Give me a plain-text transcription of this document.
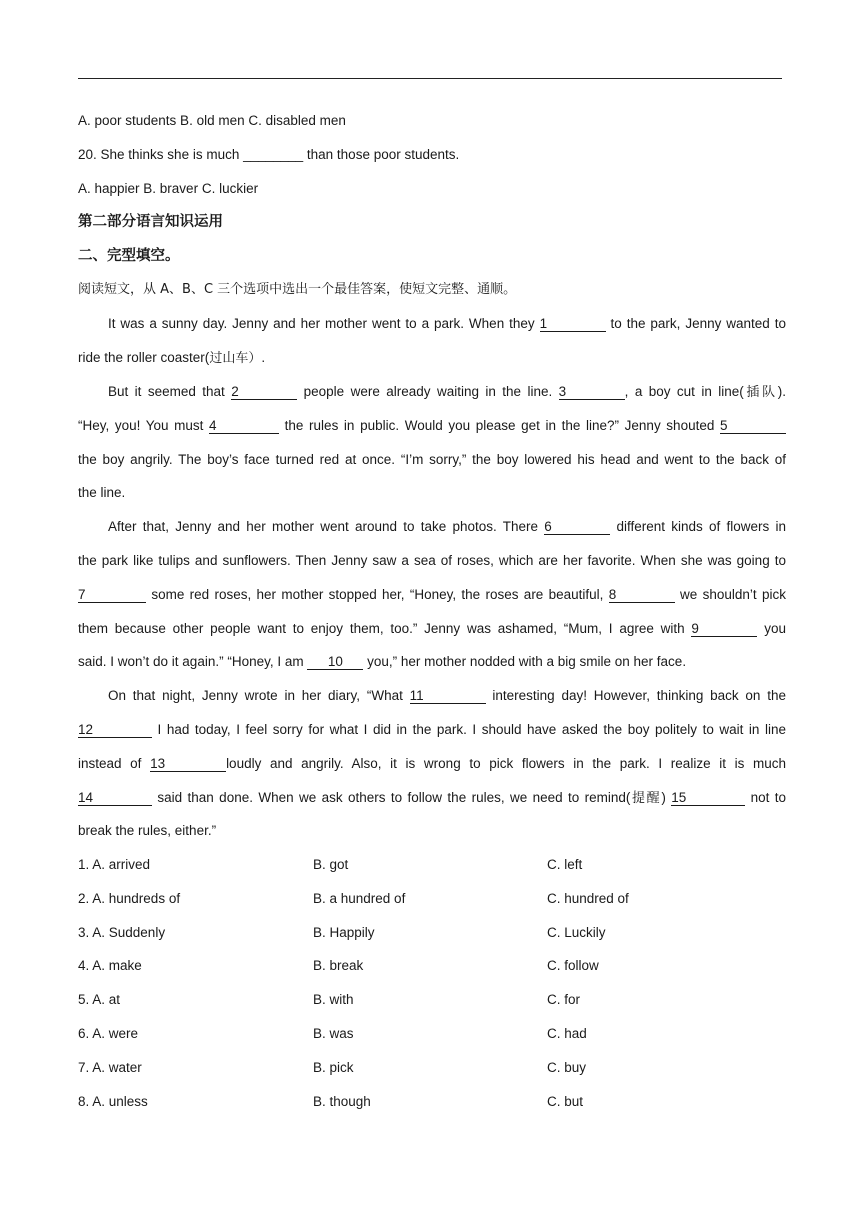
A. poor students B. old men C. disabled men
20. She thinks she is much ________ than those poor students.
A. happier B. braver C. luckier
第二部分语言知识运用
二、完型填空。
阅读短文，从 A、B、C 三个选项中选出一个最佳答案，使短文完整、通顺。
It was a sunny day. Jenny and her mother went to a park. When they 1	to the park, Jenny wanted to
ride the roller coaster(过山车）.
But it seemed that 2	people were already waiting in the line. 3	, a boy cut in line(插队).
“Hey, you! You must 4	the rules in public. Would you please get in the line?” Jenny shouted 5
the boy angrily. The boy’s face turned red at once. “I’m sorry,” the boy lowered his head and went to the back of
the line.
After that, Jenny and her mother went around to take photos. There 6	different kinds of flowers in
the park like tulips and sunflowers. Then Jenny saw a sea of roses, which are her favorite. When she was going to
7	some red roses, her mother stopped her, “Honey, the roses are beautiful, 8	we shouldn’t pick
them because other people want to enjoy them, too.” Jenny was ashamed, “Mum, I agree with 9	you
said. I won’t do it again.” “Honey, I am 10 you,” her mother nodded with a big smile on her face.
On that night, Jenny wrote in her diary, “What 11	interesting day! However, thinking back on the
12	I had today, I feel sorry for what I did in the park. I should have asked the boy politely to wait in line
instead of 13	loudly and angrily. Also, it is wrong to pick flowers in the park. I realize it is much
14	said than done. When we ask others to follow the rules, we need to remind(提醒) 15	not to
break the rules, either.”
1. A. arrived	B. got	C. left
2. A. hundreds of	B. a hundred of	C. hundred of
3. A. Suddenly	B. Happily	C. Luckily
4. A. make	B. break	C. follow
5. A. at	B. with	C. for
6. A. were	B. was	C. had
7. A. water	B. pick	C. buy
8. A. unless	B. though	C. but
